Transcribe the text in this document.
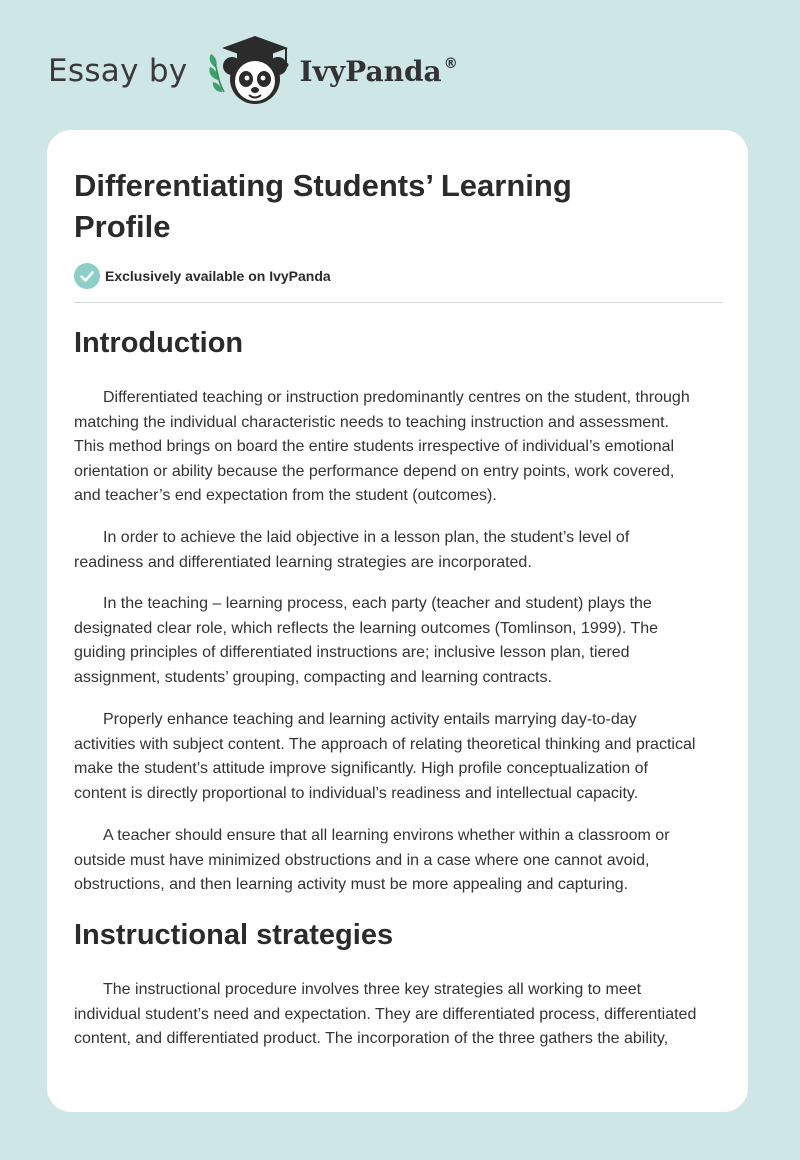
Essay by	IvyPanda ®
Differentiating Students’ Learning
Profile
Exclusively available on IvyPanda
Introduction

Differentiated teaching or instruction predominantly centres on the student, through
matching the individual characteristic needs to teaching instruction and assessment.
This method brings on board the entire students irrespective of individual’s emotional
orientation or ability because the performance depend on entry points, work covered,
and teacher’s end expectation from the student (outcomes).

In order to achieve the laid objective in a lesson plan, the student’s level of
readiness and differentiated learning strategies are incorporated.

In the teaching – learning process, each party (teacher and student) plays the
designated clear role, which reflects the learning outcomes (Tomlinson, 1999). The
guiding principles of differentiated instructions are; inclusive lesson plan, tiered
assignment, students’ grouping, compacting and learning contracts.

Properly enhance teaching and learning activity entails marrying day-to-day
activities with subject content. The approach of relating theoretical thinking and practical
make the student’s attitude improve significantly. High profile conceptualization of
content is directly proportional to individual’s readiness and intellectual capacity.

A teacher should ensure that all learning environs whether within a classroom or
outside must have minimized obstructions and in a case where one cannot avoid,
obstructions, and then learning activity must be more appealing and capturing.

Instructional strategies

The instructional procedure involves three key strategies all working to meet
individual student’s need and expectation. They are differentiated process, differentiated
content, and differentiated product. The incorporation of the three gathers the ability,
